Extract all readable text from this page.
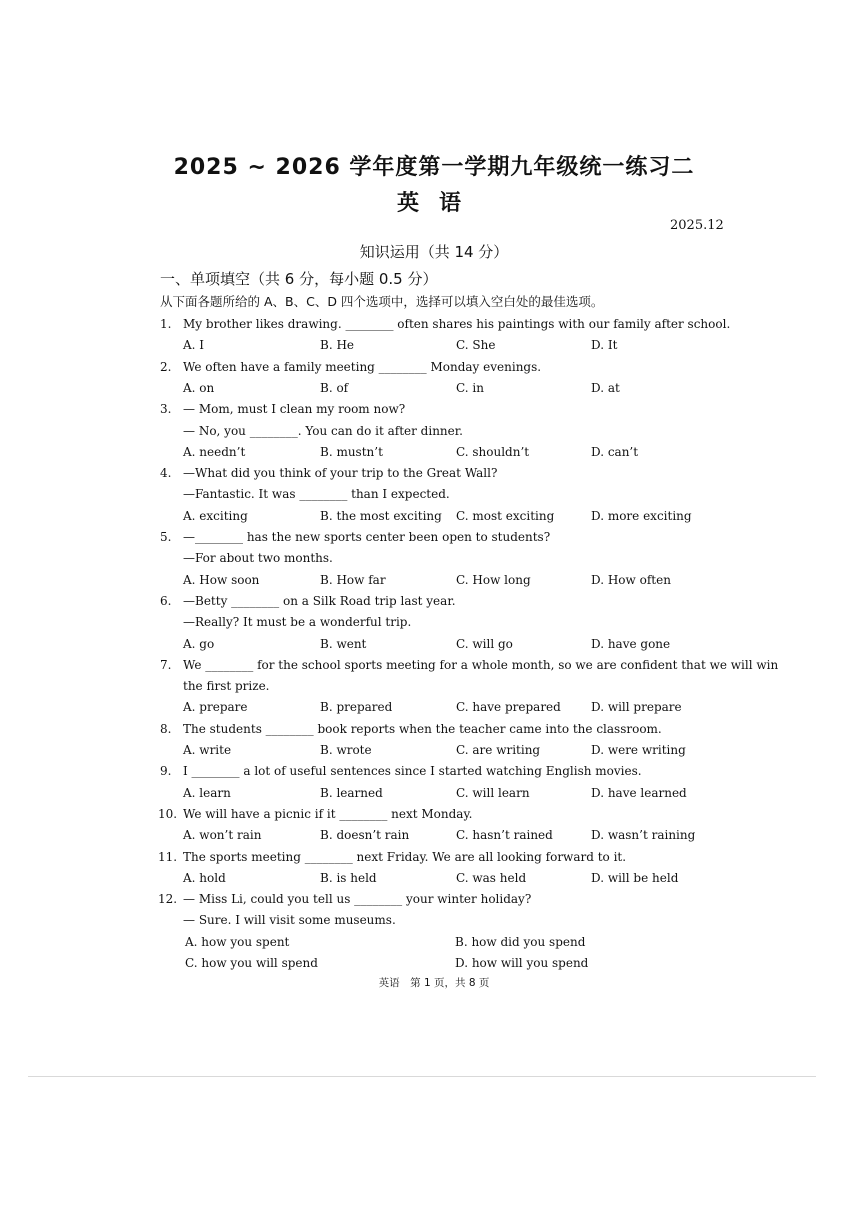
2025 ~ 2026 学年度第一学期九年级统一练习二
英语
2025.12
知识运用（共 14 分）
一、单项填空（共 6 分，每小题 0.5 分）
从下面各题所给的 A、B、C、D 四个选项中，选择可以填入空白处的最佳选项。
1. My brother likes drawing. ________ often shares his paintings with our family after school.
A. I	B. He	C. She	D. It
2. We often have a family meeting ________ Monday evenings.
A. on	B. of	C. in	D. at
3. — Mom, must I clean my room now?
— No, you ________. You can do it after dinner.
A. needn’t	B. mustn’t	C. shouldn’t	D. can’t
4. —What did you think of your trip to the Great Wall?
—Fantastic. It was ________ than I expected.
A. exciting	B. the most exciting C. most exciting	D. more exciting
5. —________ has the new sports center been open to students?
—For about two months.
A. How soon	B. How far	C. How long	D. How often
6. —Betty ________ on a Silk Road trip last year.
—Really? It must be a wonderful trip.
A. go	B. went	C. will go	D. have gone
7. We ________ for the school sports meeting for a whole month, so we are confident that we will win
the first prize.
A. prepare	B. prepared	C. have prepared	D. will prepare
8. The students ________ book reports when the teacher came into the classroom.
A. write	B. wrote	C. are writing	D. were writing
9. I ________ a lot of useful sentences since I started watching English movies.
A. learn	B. learned	C. will learn	D. have learned
10. We will have a picnic if it ________ next Monday.
A. won’t rain	B. doesn’t rain	C. hasn’t rained	D. wasn’t raining
11. The sports meeting ________ next Friday. We are all looking forward to it.
A. hold	B. is held	C. was held	D. will be held
12. — Miss Li, could you tell us ________ your winter holiday?
— Sure. I will visit some museums.
A. how you spent	B. how did you spend
C. how you will spend	D. how will you spend
英语　第 1 页，共 8 页
